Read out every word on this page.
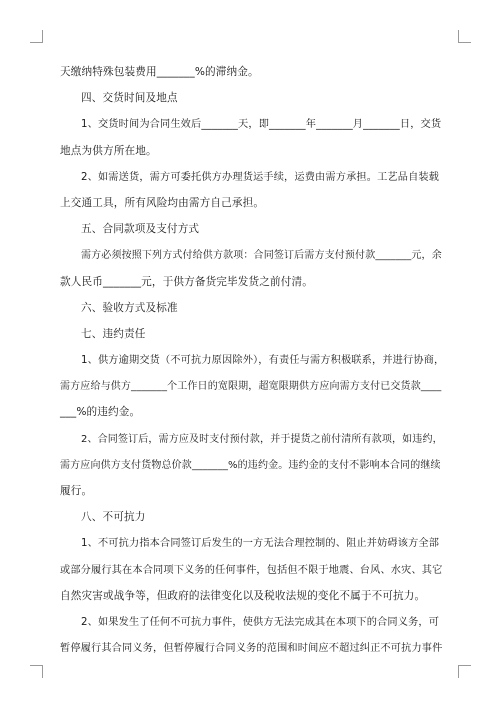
天缴纳特殊包装费用_______%的滞纳金。
四、交货时间及地点
1、交货时间为合同生效后_______天，即_______年_______月_______日，交货
地点为供方所在地。
2、如需送货，需方可委托供方办理货运手续，运费由需方承担。工艺品自装载
上交通工具，所有风险均由需方自己承担。
五、合同款项及支付方式
需方必须按照下列方式付给供方款项：合同签订后需方支付预付款_______元，余
款人民币_______元，于供方备货完毕发货之前付清。
六、验收方式及标准
七、违约责任
1、供方逾期交货（不可抗力原因除外），有责任与需方积极联系，并进行协商，
需方应给与供方_______个工作日的宽限期，超宽限期供方应向需方支付已交货款____
___%的违约金。
2、合同签订后，需方应及时支付预付款，并于提货之前付清所有款项，如违约，
需方应向供方支付货物总价款_______%的违约金。违约金的支付不影响本合同的继续
履行。
八、不可抗力
1、不可抗力指本合同签订后发生的一方无法合理控制的、阻止并妨碍该方全部
或部分履行其在本合同项下义务的任何事件，包括但不限于地震、台风、水灾、其它
自然灾害或战争等，但政府的法律变化以及税收法规的变化不属于不可抗力。
2、如果发生了任何不可抗力事件，使供方无法完成其在本项下的合同义务，可
暂停履行其合同义务，但暂停履行合同义务的范围和时间应不超过纠正不可抗力事件
